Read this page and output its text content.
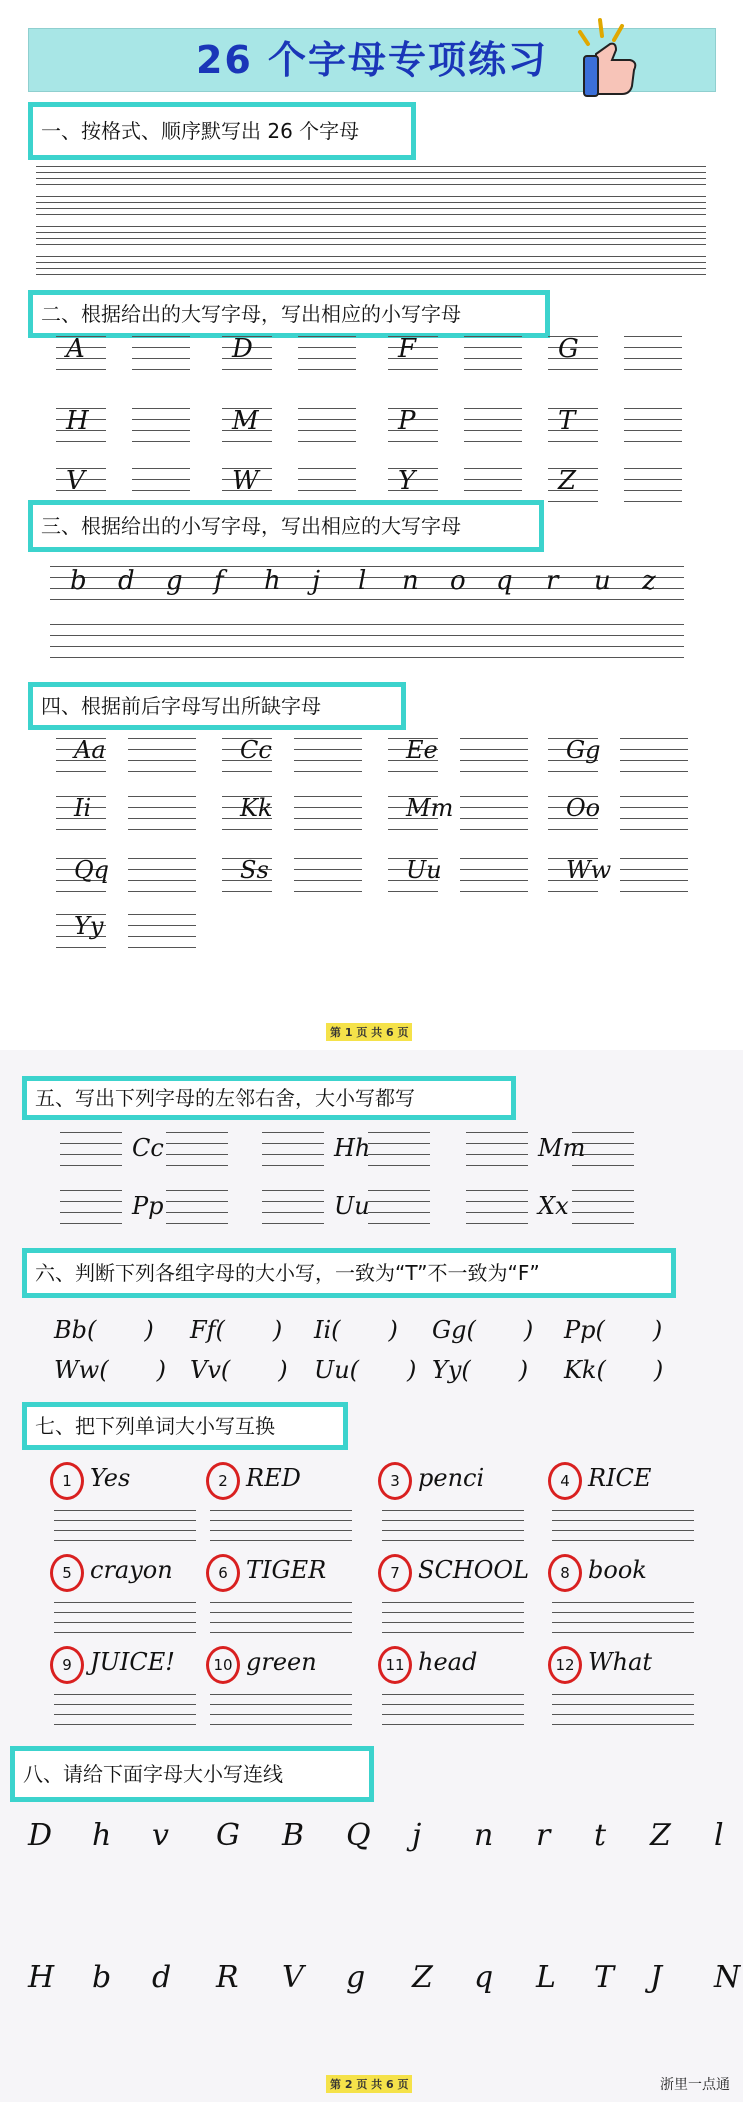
26 个字母专项练习
一、按格式、顺序默写出 26 个字母
二、根据给出的大写字母，写出相应的小写字母
A	D	F	G
H	M	P	T
V	W	Y	Z
三、根据给出的小写字母，写出相应的大写字母
b d g f h j l n o q r u z
四、根据前后字母写出所缺字母
Aa	Cc	Ee	Gg
Ii	Kk	Mm	Oo
Qq	Ss	Uu	Ww
Yy
第 1 页 共 6 页
五、写出下列字母的左邻右舍，大小写都写
Cc	Hh	Mm
Pp	Uu	Xx
六、判断下列各组字母的大小写，一致为“T”不一致为“F”
Bb(　　) Ff(　　) Ii(　　) Gg(　　) Pp(　　)
Ww(　　) Vv(　　) Uu(　　) Yy(　　) Kk(　　)
七、把下列单词大小写互换
1 Yes	2 RED	3 penci	4 RICE
5 crayon	6 TIGER	7 SCHOOL	8 book
9 JUICE!	10 green	11 head	12 What
八、请给下面字母大小写连线
D h v G B Q j n r t Z l
H b d R V g Z q L T J N
第 2 页 共 6 页	浙里一点通
